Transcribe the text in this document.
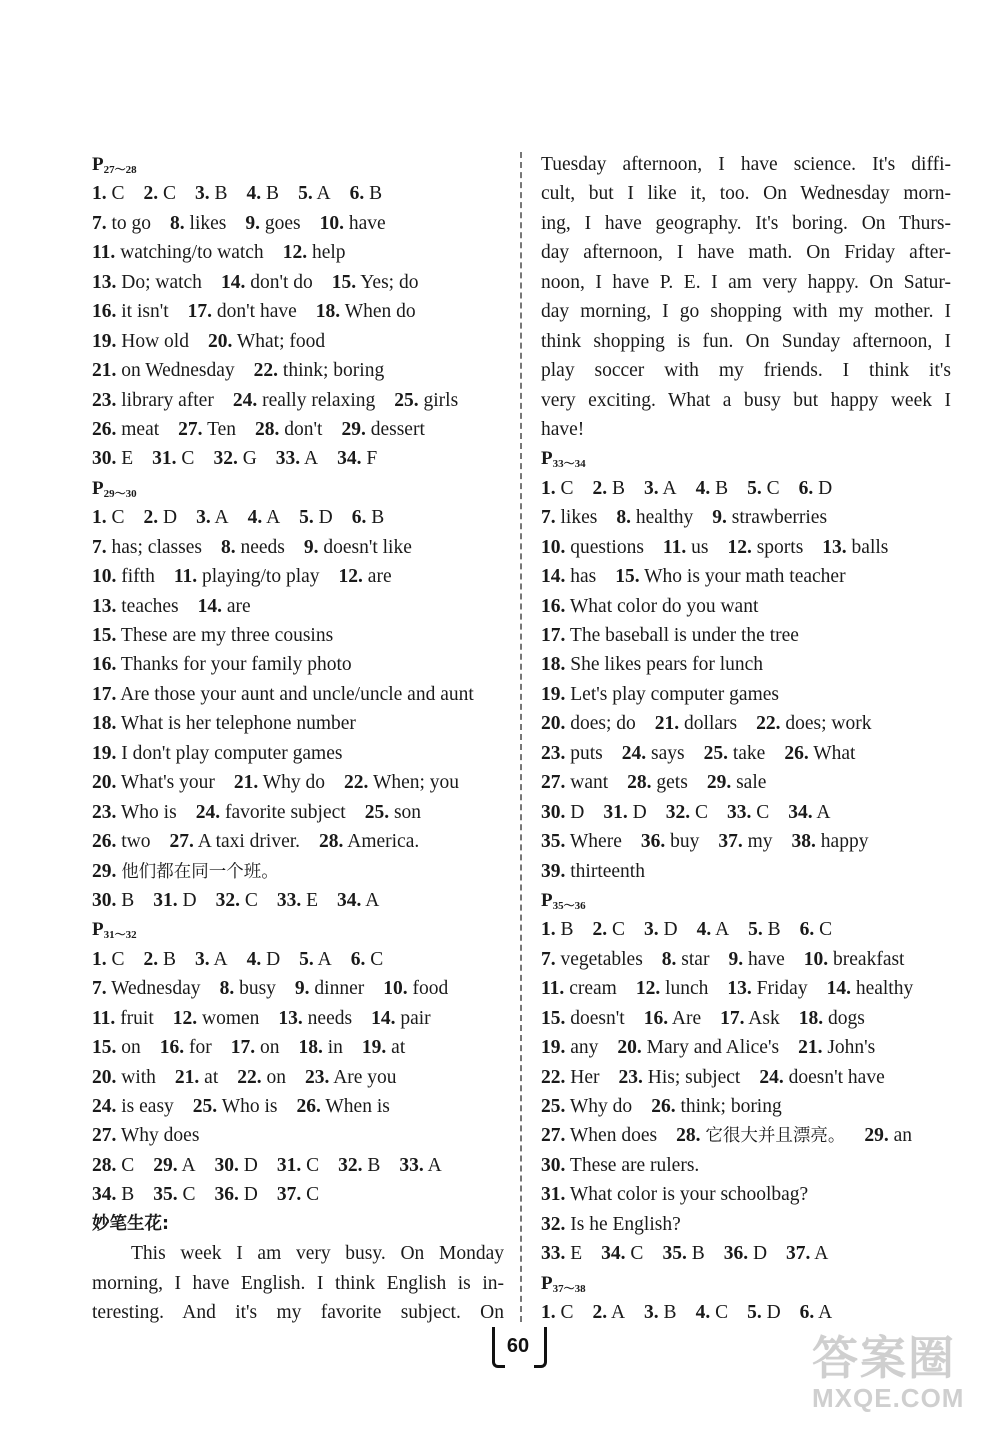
$P_{27\sim 28}$
1. C 2. C 3. B 4. B 5. A 6. B
7. to go 8. likes 9. goes 10. have
11. watching/to watch 12. help
13. Do; watch 14. don't do 15. Yes; do
16. it isn't 17. don't have 18. When do
19. How old 20. What; food
21. on Wednesday 22. think; boring
23. library after 24. really relaxing 25. girls
26. meat 27. Ten 28. don't 29. dessert
30. E 31. C 32. G 33. A 34. F
$P_{29\sim 30}$
1. C 2. D 3. A 4. A 5. D 6. B
7. has; classes 8. needs 9. doesn't like
10. fifth 11. playing/to play 12. are
13. teaches 14. are
15. These are my three cousins
16. Thanks for your family photo
17. Are those your aunt and uncle/uncle and aunt
18. What is her telephone number
19. I don't play computer games
20. What's your 21. Why do 22. When; you
23. Who is 24. favorite subject 25. son
26. two 27. A taxi driver. 28. America.
29. 他们都在同一个班。
30. B 31. D 32. C 33. E 34. A
$P_{31\sim 32}$
1. C 2. B 3. A 4. D 5. A 6. C
7. Wednesday 8. busy 9. dinner 10. food
11. fruit 12. women 13. needs 14. pair
15. on 16. for 17. on 18. in 19. at
20. with 21. at 22. on 23. Are you
24. is easy 25. Who is 26. When is
27. Why does
28. C 29. A 30. D 31. C 32. B 33. A
34. B 35. C 36. D 37. C
妙笔生花:
This week I am very busy. On Monday
morning, I have English. I think English is in-
teresting. And it's my favorite subject. On
Tuesday afternoon, I have science. It's diffi-
cult, but I like it, too. On Wednesday morn-
ing, I have geography. It's boring. On Thurs-
day afternoon, I have math. On Friday after-
noon, I have P. E. I am very happy. On Satur-
day morning, I go shopping with my mother. I
think shopping is fun. On Sunday afternoon, I
play soccer with my friends. I think it's
very exciting. What a busy but happy week I
have!
$P_{33\sim 34}$
1. C 2. B 3. A 4. B 5. C 6. D
7. likes 8. healthy 9. strawberries
10. questions 11. us 12. sports 13. balls
14. has 15. Who is your math teacher
16. What color do you want
17. The baseball is under the tree
18. She likes pears for lunch
19. Let's play computer games
20. does; do 21. dollars 22. does; work
23. puts 24. says 25. take 26. What
27. want 28. gets 29. sale
30. D 31. D 32. C 33. C 34. A
35. Where 36. buy 37. my 38. happy
39. thirteenth
$P_{35\sim 36}$
1. B 2. C 3. D 4. A 5. B 6. C
7. vegetables 8. star 9. have 10. breakfast
11. cream 12. lunch 13. Friday 14. healthy
15. doesn't 16. Are 17. Ask 18. dogs
19. any 20. Mary and Alice's 21. John's
22. Her 23. His; subject 24. doesn't have
25. Why do 26. think; boring
27. When does 28. 它很大并且漂亮。 29. an
30. These are rulers.
31. What color is your schoolbag?
32. Is he English?
33. E 34. C 35. B 36. D 37. A
$P_{37\sim 38}$
1. C 2. A 3. B 4. C 5. D 6. A
60	答案圈
MXQE.COM
